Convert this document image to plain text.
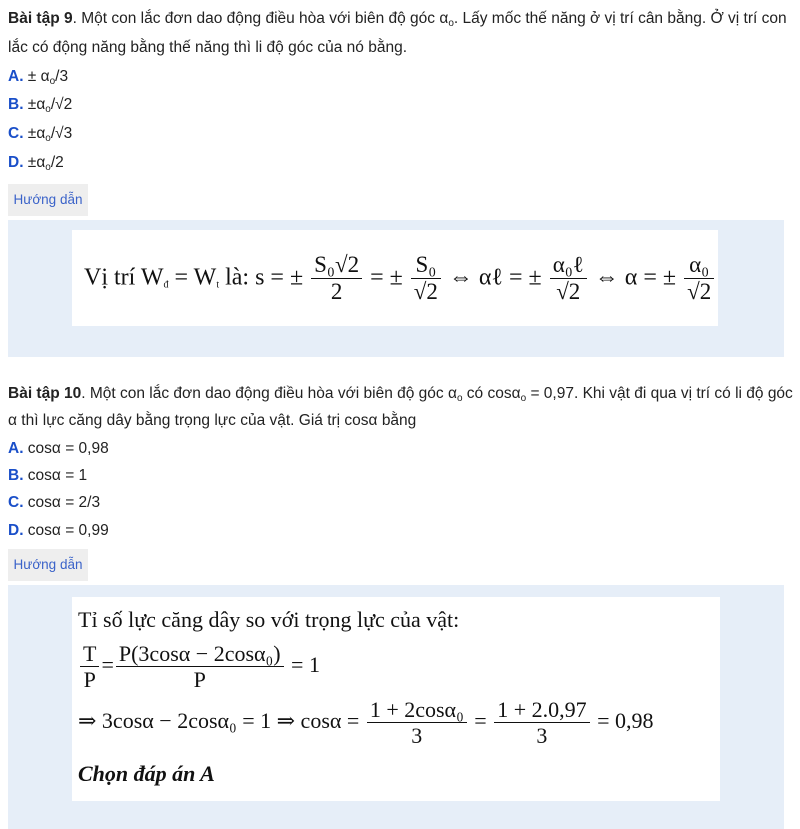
Bài tập 9. Một con lắc đơn dao động điều hòa với biên độ góc $\alpha_o$. Lấy mốc thế năng ở vị trí cân bằng. Ở vị trí con
lắc có động năng bằng thế năng thì li độ góc của nó bằng.
A. ± $\alpha_o/3$
B. $\pm\alpha_o/√2$
C. $\pm\alpha_o/√3$
D. $\pm\alpha_o/2$
Hướng dẫn
Vị trí $W_đ = W_t$ là: s = ± $\frac{\text{S₀√2}}{2}$ = ± $\frac{\text{S₀}}{√2}$ ⇔ αℓ = ± $\frac{\text{α₀ℓ}}{√2}$ ⇔ α = ± $\frac{\text{α₀}}{√2}$
Bài tập 10. Một con lắc đơn dao động điều hòa với biên độ góc $\alpha_o$ có cosα$_o$ = 0,97. Khi vật đi qua vị trí có li độ góc
α thì lực căng dây bằng trọng lực của vật. Giá trị cosα bằng
A. cosα = 0,98
B. cosα = 1
C. cosα = 2/3
D. cosα = 0,99
Hướng dẫn
Tỉ số lực căng dây so với trọng lực của vật:
$\frac{T}{P} = \frac{\text{P(3cosα − 2cosα₀)}}{P} = 1$
⇒ 3cosα − 2cosα₀ = 1 ⇒ $\cos\alpha = \frac{\text{1 + 2cosα₀}}{3} = \frac{1 + 2.0,97}{3} = 0,98$
Chọn đáp án A
